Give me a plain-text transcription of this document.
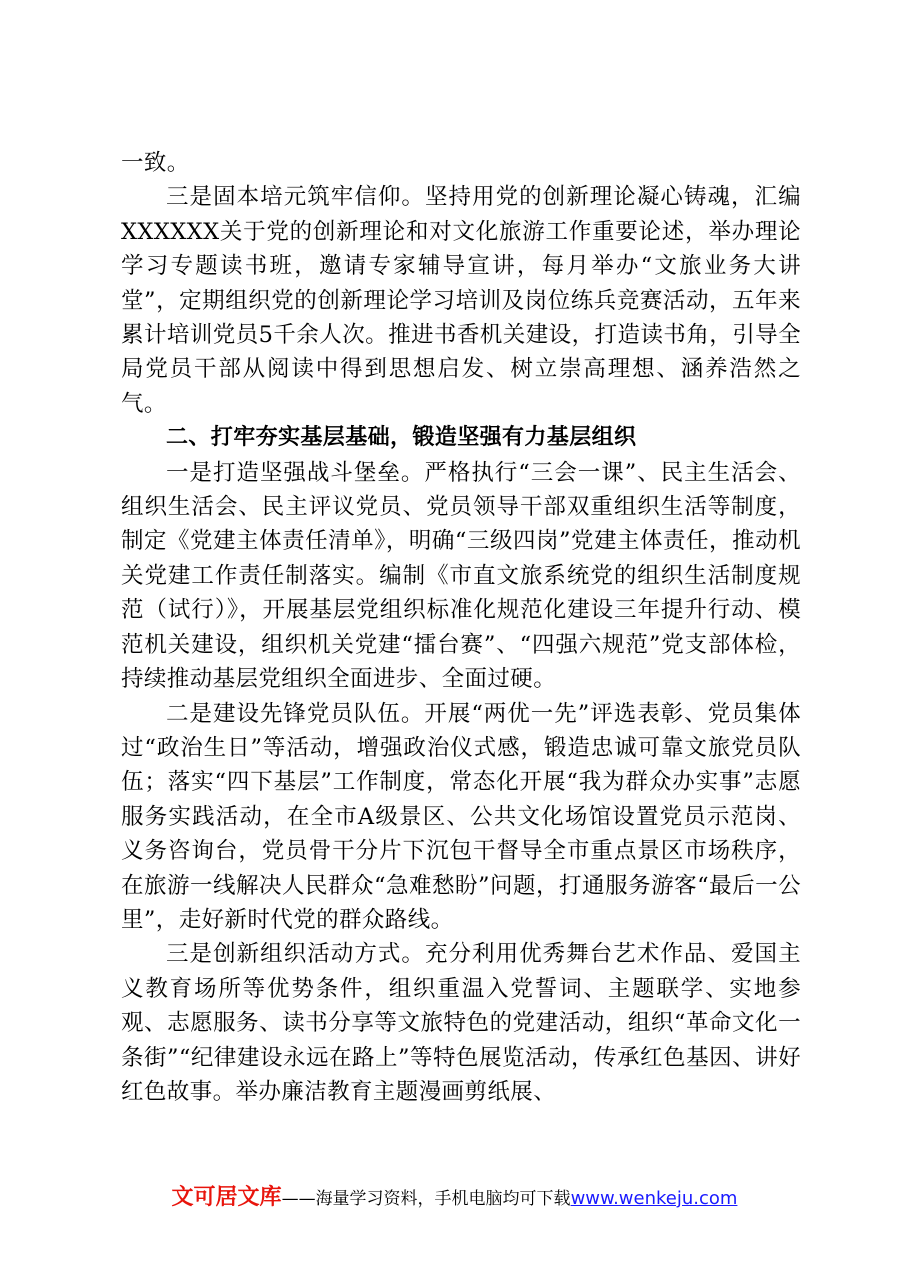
一致。

三是固本培元筑牢信仰。坚持用党的创新理论凝心铸魂，汇编XXXXXX关于党的创新理论和对文化旅游工作重要论述，举办理论学习专题读书班，邀请专家辅导宣讲，每月举办“文旅业务大讲堂”，定期组织党的创新理论学习培训及岗位练兵竞赛活动，五年来累计培训党员5千余人次。推进书香机关建设，打造读书角，引导全局党员干部从阅读中得到思想启发、树立崇高理想、涵养浩然之气。

二、打牢夯实基层基础，锻造坚强有力基层组织

一是打造坚强战斗堡垒。严格执行“三会一课”、民主生活会、组织生活会、民主评议党员、党员领导干部双重组织生活等制度，制定《党建主体责任清单》，明确“三级四岗”党建主体责任，推动机关党建工作责任制落实。编制《市直文旅系统党的组织生活制度规范（试行）》，开展基层党组织标准化规范化建设三年提升行动、模范机关建设，组织机关党建“擂台赛”、“四强六规范”党支部体检，持续推动基层党组织全面进步、全面过硬。

二是建设先锋党员队伍。开展“两优一先”评选表彰、党员集体过“政治生日”等活动，增强政治仪式感，锻造忠诚可靠文旅党员队伍；落实“四下基层”工作制度，常态化开展“我为群众办实事”志愿服务实践活动，在全市A级景区、公共文化场馆设置党员示范岗、义务咨询台，党员骨干分片下沉包干督导全市重点景区市场秩序，在旅游一线解决人民群众“急难愁盼”问题，打通服务游客“最后一公里”，走好新时代党的群众路线。

三是创新组织活动方式。充分利用优秀舞台艺术作品、爱国主义教育场所等优势条件，组织重温入党誓词、主题联学、实地参观、志愿服务、读书分享等文旅特色的党建活动，组织“革命文化一条街”“纪律建设永远在路上”等特色展览活动，传承红色基因、讲好红色故事。举办廉洁教育主题漫画剪纸展、

文可居文库——海量学习资料，手机电脑均可下载www.wenkeju.com
